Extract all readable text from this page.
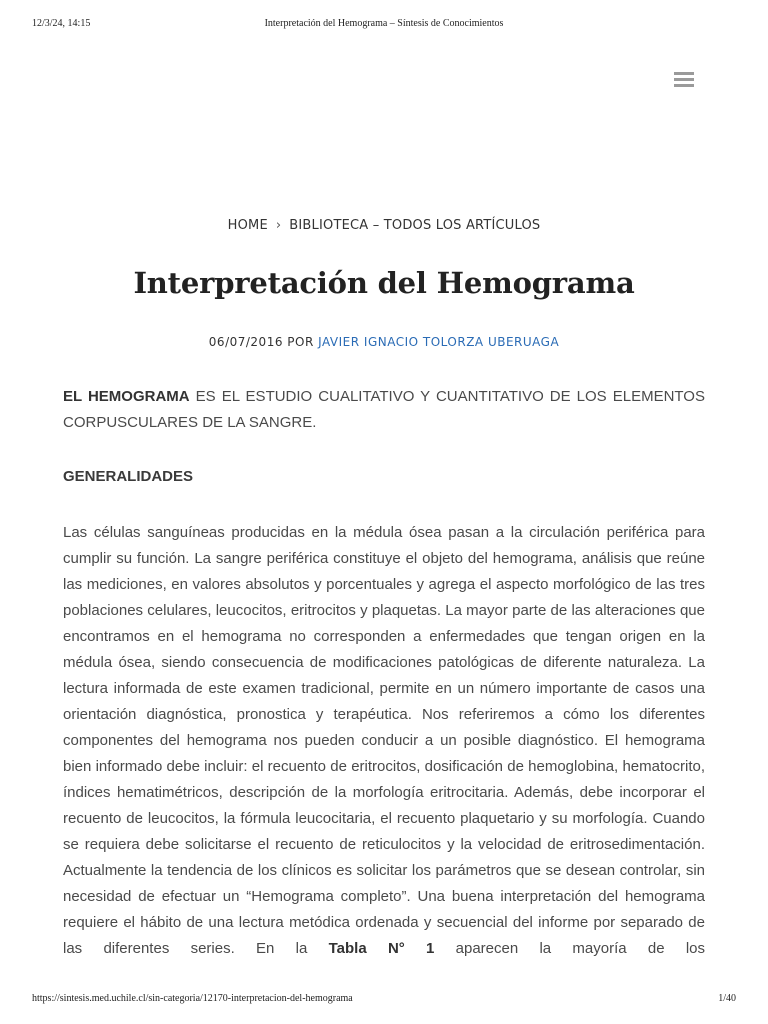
12/3/24, 14:15	Interpretación del Hemograma – Síntesis de Conocimientos
HOME › BIBLIOTECA – TODOS LOS ARTÍCULOS
Interpretación del Hemograma
06/07/2016 POR JAVIER IGNACIO TOLORZA UBERUAGA

EL HEMOGRAMA ES EL ESTUDIO CUALITATIVO Y CUANTITATIVO DE LOS ELEMENTOS CORPUSCULARES DE LA SANGRE.

GENERALIDADES

Las células sanguíneas producidas en la médula ósea pasan a la circulación periférica para cumplir su función. La sangre periférica constituye el objeto del hemograma, análisis que reúne las mediciones, en valores absolutos y porcentuales y agrega el aspecto morfológico de las tres poblaciones celulares, leucocitos, eritrocitos y plaquetas. La mayor parte de las alteraciones que encontramos en el hemograma no corresponden a enfermedades que tengan origen en la médula ósea, siendo consecuencia de modificaciones patológicas de diferente naturaleza. La lectura informada de este examen tradicional, permite en un número importante de casos una orientación diagnóstica, pronostica y terapéutica. Nos referiremos a cómo los diferentes componentes del hemograma nos pueden conducir a un posible diagnóstico. El hemograma bien informado debe incluir: el recuento de eritrocitos, dosificación de hemoglobina, hematocrito, índices hematimétricos, descripción de la morfología eritrocitaria. Además, debe incorporar el recuento de leucocitos, la fórmula leucocitaria, el recuento plaquetario y su morfología. Cuando se requiera debe solicitarse el recuento de reticulocitos y la velocidad de eritrosedimentación. Actualmente la tendencia de los clínicos es solicitar los parámetros que se desean controlar, sin necesidad de efectuar un “Hemograma completo”. Una buena interpretación del hemograma requiere el hábito de una lectura metódica ordenada y secuencial del informe por separado de las diferentes series. En la Tabla N° 1 aparecen la mayoría de los

https://sintesis.med.uchile.cl/sin-categoria/12170-interpretacion-del-hemograma	1/40
